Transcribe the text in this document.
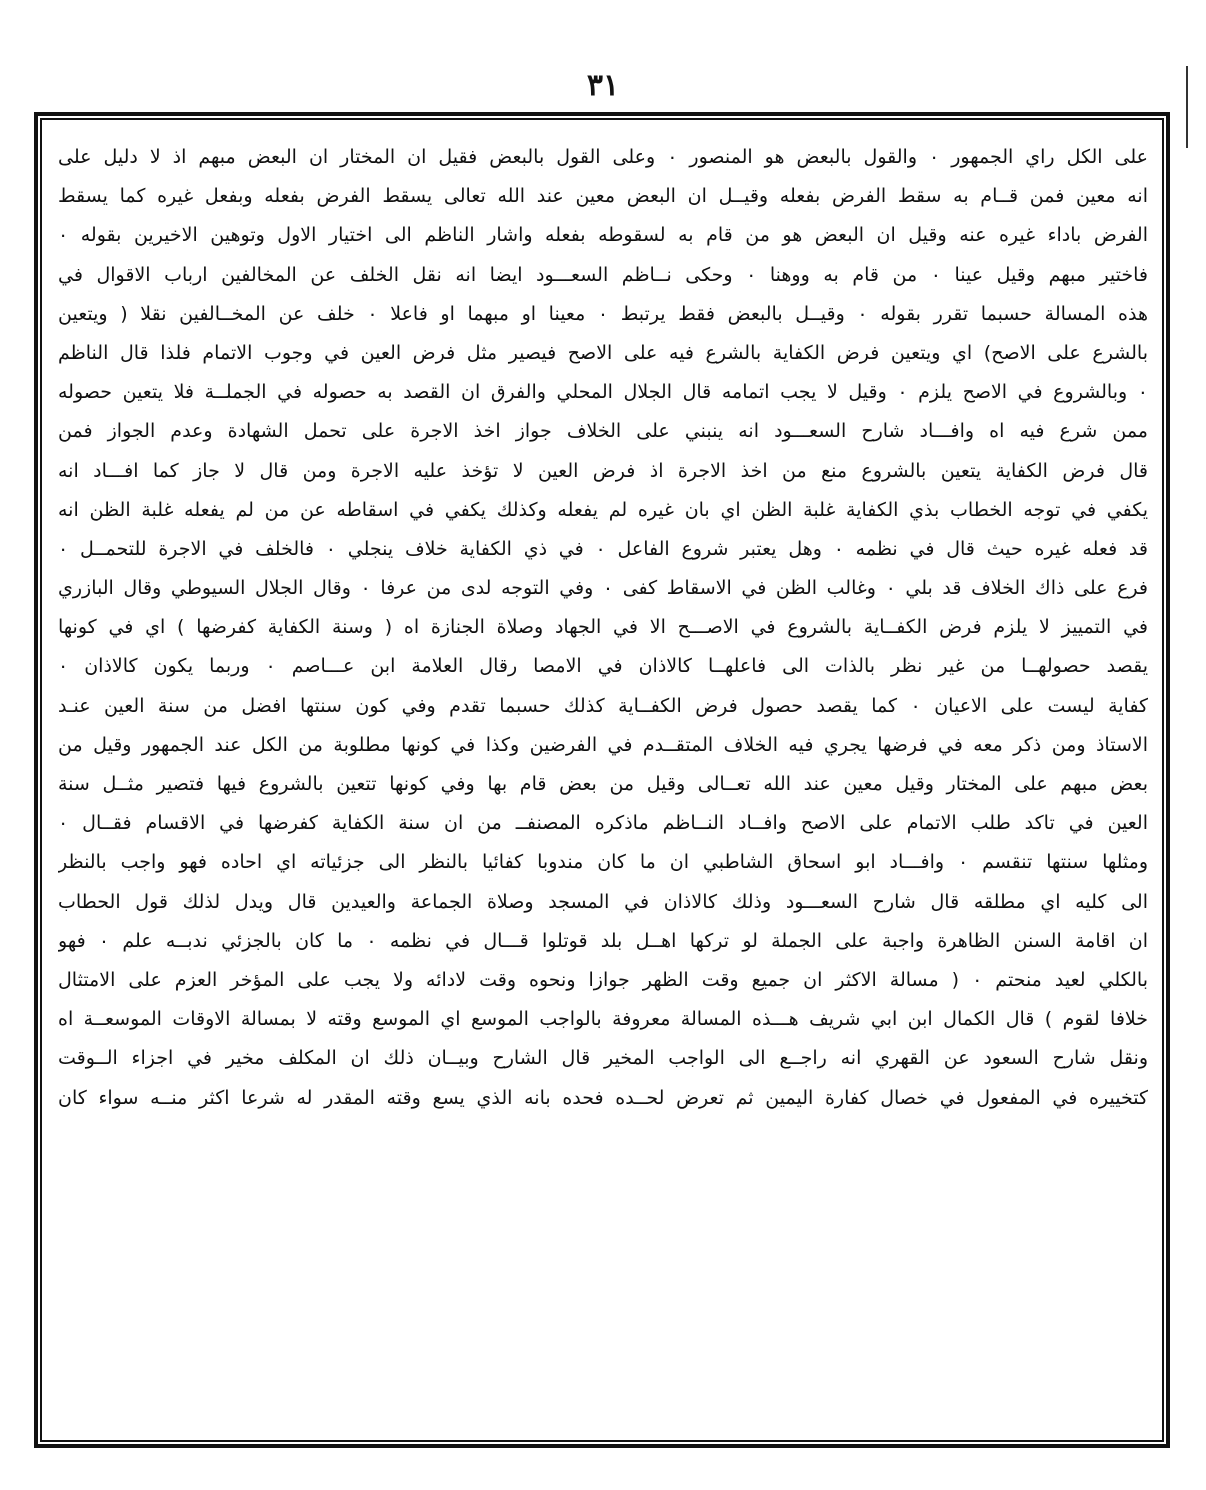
٣١
على الكل راي الجمهور ٠ والقول بالبعض هو المنصور ٠ وعلى القول بالبعض فقيل ان المختار ان البعض مبهم اذ لا دليل على
انه معين فمن قــام به سقط الفرض بفعله وقيــل ان البعض معين عند الله تعالى يسقط الفرض بفعله وبفعل غيره كما يسقط
الفرض باداء غيره عنه وقيل ان البعض هو من قام به لسقوطه بفعله واشار الناظم الى اختيار الاول وتوهين الاخيرين بقوله ٠
فاختير مبهم وقيل عينا ٠ من قام به ووهنا ٠ وحكى نــاظم السعـــود ايضا انه نقل الخلف عن المخالفين ارباب الاقوال في
هذه المسالة حسبما تقرر بقوله ٠ وقيــل بالبعض فقط يرتبط ٠ معينا او مبهما او فاعلا ٠ خلف عن المخــالفين نقلا ( ويتعين
بالشرع على الاصح) اي ويتعين فرض الكفاية بالشرع فيه على الاصح فيصير مثل فرض العين في وجوب الاتمام فلذا قال الناظم
٠ وبالشروع في الاصح يلزم ٠ وقيل لا يجب اتمامه قال الجلال المحلي والفرق ان القصد به حصوله في الجملــة فلا يتعين حصوله
ممن شرع فيه اه وافـــاد شارح السعـــود انه ينبني على الخلاف جواز اخذ الاجرة على تحمل الشهادة وعدم الجواز فمن
قال فرض الكفاية يتعين بالشروع منع من اخذ الاجرة اذ فرض العين لا تؤخذ عليه الاجرة ومن قال لا جاز كما افـــاد انه
يكفي في توجه الخطاب بذي الكفاية غلبة الظن اي بان غيره لم يفعله وكذلك يكفي في اسقاطه عن من لم يفعله غلبة الظن انه
قد فعله غيره حيث قال في نظمه ٠ وهل يعتبر شروع الفاعل ٠ في ذي الكفاية خلاف ينجلي ٠ فالخلف في الاجرة للتحمــل ٠
فرع على ذاك الخلاف قد بلي ٠ وغالب الظن في الاسقاط كفى ٠ وفي التوجه لدى من عرفا ٠ وقال الجلال السيوطي وقال البازري
في التمييز لا يلزم فرض الكفــاية بالشروع في الاصـــح الا في الجهاد وصلاة الجنازة اه ( وسنة الكفاية كفرضها ) اي في كونها
يقصد حصولهــا من غير نظر بالذات الى فاعلهــا كالاذان في الامصا رقال العلامة ابن عـــاصم ٠ وربما يكون كالاذان ٠
كفاية ليست على الاعيان ٠ كما يقصد حصول فرض الكفــاية كذلك حسبما تقدم وفي كون سنتها افضل من سنة العين عنـد
الاستاذ ومن ذكر معه في فرضها يجري فيه الخلاف المتقــدم في الفرضين وكذا في كونها مطلوبة من الكل عند الجمهور وقيل من
بعض مبهم على المختار وقيل معين عند الله تعــالى وقيل من بعض قام بها وفي كونها تتعين بالشروع فيها فتصير مثــل سنة
العين في تاكد طلب الاتمام على الاصح وافــاد النــاظم ماذكره المصنفــ من ان سنة الكفاية كفرضها في الاقسام فقــال ٠
ومثلها سنتها تنقسم ٠ وافـــاد ابو اسحاق الشاطبي ان ما كان مندوبا كفائيا بالنظر الى جزئياته اي احاده فهو واجب بالنظر
الى كليه اي مطلقه قال شارح السعـــود وذلك كالاذان في المسجد وصلاة الجماعة والعيدين قال ويدل لذلك قول الحطاب
ان اقامة السنن الظاهرة واجبة على الجملة لو تركها اهــل بلد قوتلوا قـــال في نظمه ٠ ما كان بالجزئي ندبــه علم ٠ فهو
بالكلي لعيد منحتم ٠ ( مسالة الاكثر ان جميع وقت الظهر جوازا ونحوه وقت لادائه ولا يجب على المؤخر العزم على الامتثال
خلافا لقوم ) قال الكمال ابن ابي شريف هـــذه المسالة معروفة بالواجب الموسع اي الموسع وقته لا بمسالة الاوقات الموسعــة اه
ونقل شارح السعود عن القهري انه راجــع الى الواجب المخير قال الشارح وبيــان ذلك ان المكلف مخير في اجزاء الــوقت
كتخييره في المفعول في خصال كفارة اليمين ثم تعرض لحــده فحده بانه الذي يسع وقته المقدر له شرعا اكثر منــه سواء كان
